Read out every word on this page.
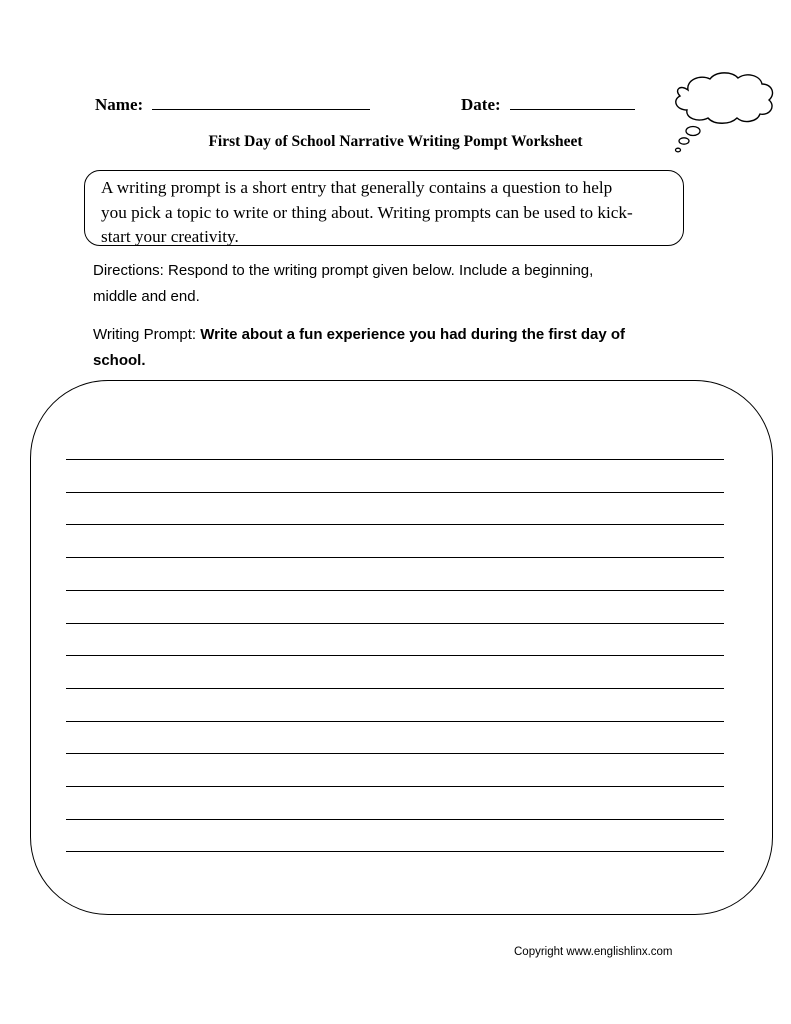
Name:	Date:
First Day of School Narrative Writing Pompt Worksheet
A writing prompt is a short entry that generally contains a question to help
you pick a topic to write or thing about. Writing prompts can be used to kick-
start your creativity.
Directions: Respond to the writing prompt given below. Include a beginning,
middle and end.
Writing Prompt: Write about a fun experience you had during the first day of
school.
Copyright www.englishlinx.com
